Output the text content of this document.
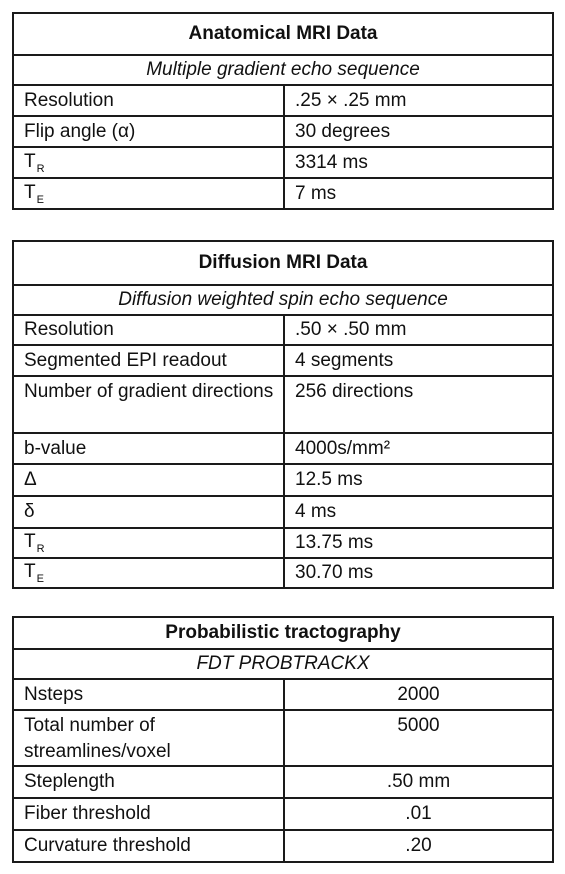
Anatomical MRI Data	
Multiple gradient echo sequence	
Resolution	.25 × .25 mm
Flip angle (α)	30 degrees
$T_R$	3314 ms
$T_E$	7 ms
Diffusion MRI Data	
Diffusion weighted spin echo sequence	
Resolution	.50 × .50 mm
Segmented EPI readout	4 segments
Number of gradient directions	256 directions
b-value	4000s/mm²
Δ	12.5 ms
δ	4 ms
$T_R$	13.75 ms
$T_E$	30.70 ms
Probabilistic tractography	
FDT PROBTRACKX	
Nsteps	2000
Total number of streamlines/voxel	5000
Steplength	.50 mm
Fiber threshold	.01
Curvature threshold	.20
